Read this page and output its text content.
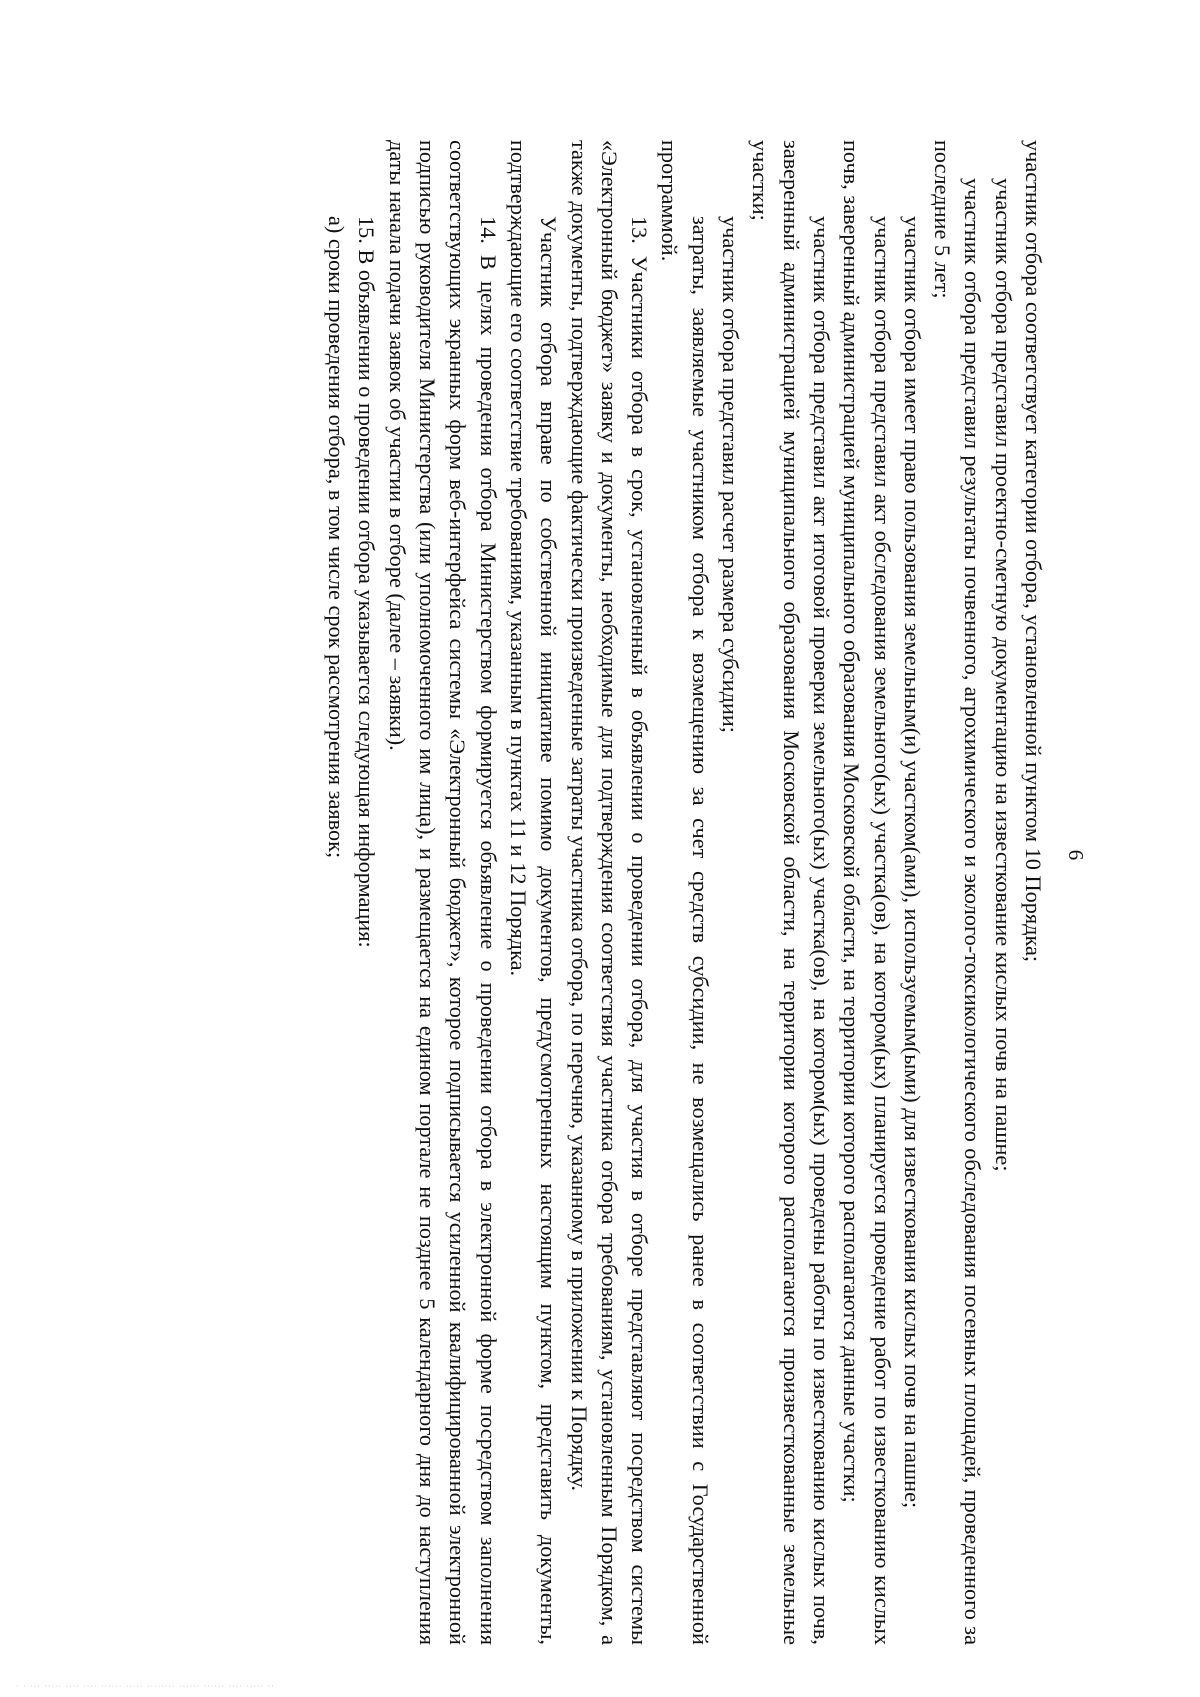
6

участник отбора соответствует категории отбора, установленной пунктом 10 Порядка;

участник отбора представил проектно-сметную документацию на известкование кислых почв на пашне;

участник отбора представил результаты почвенного, агрохимического и эколого-токсикологического обследования посевных площадей, проведенного за последние 5 лет;

участник отбора имеет право пользования земельным(и) участком(ами), используемым(ыми) для известкования кислых почв на пашне;

участник отбора представил акт обследования земельного(ых) участка(ов), на котором(ых) планируется проведение работ по известкованию кислых почв, заверенный администрацией муниципального образования Московской области, на территории которого располагаются данные участки;

участник отбора представил акт итоговой проверки земельного(ых) участка(ов), на котором(ых) проведены работы по известкованию кислых почв, заверенный администрацией муниципального образования Московской области, на территории которого располагаются произвесткованные земельные участки;

участник отбора представил расчет размера субсидии;

затраты, заявляемые участником отбора к возмещению за счет средств субсидии, не возмещались ранее в соответствии с Государственной программой.

13. Участники отбора в срок, установленный в объявлении о проведении отбора, для участия в отборе представляют посредством системы «Электронный бюджет» заявку и документы, необходимые для подтверждения соответствия участника отбора требованиям, установленным Порядком, а также документы, подтверждающие фактически произведенные затраты участника отбора, по перечню, указанному в приложении к Порядку.

Участник отбора вправе по собственной инициативе помимо документов, предусмотренных настоящим пунктом, представить документы, подтверждающие его соответствие требованиям, указанным в пунктах 11 и 12 Порядка.

14. В целях проведения отбора Министерством формируется объявление о проведении отбора в электронной форме посредством заполнения соответствующих экранных форм веб-интерфейса системы «Электронный бюджет», которое подписывается усиленной квалифицированной электронной подписью руководителя Министерства (или уполномоченного им лица), и размещается на едином портале не позднее 5 календарного дня до наступления даты начала подачи заявок об участии в отборе (далее – заявки).

15. В объявлении о проведении отбора указывается следующая информация:

а) сроки проведения отбора, в том числе срок рассмотрения заявок;

· · ··· ····· ···· ···· ······ ····· ········ ······ ······ ···· ····· ··
